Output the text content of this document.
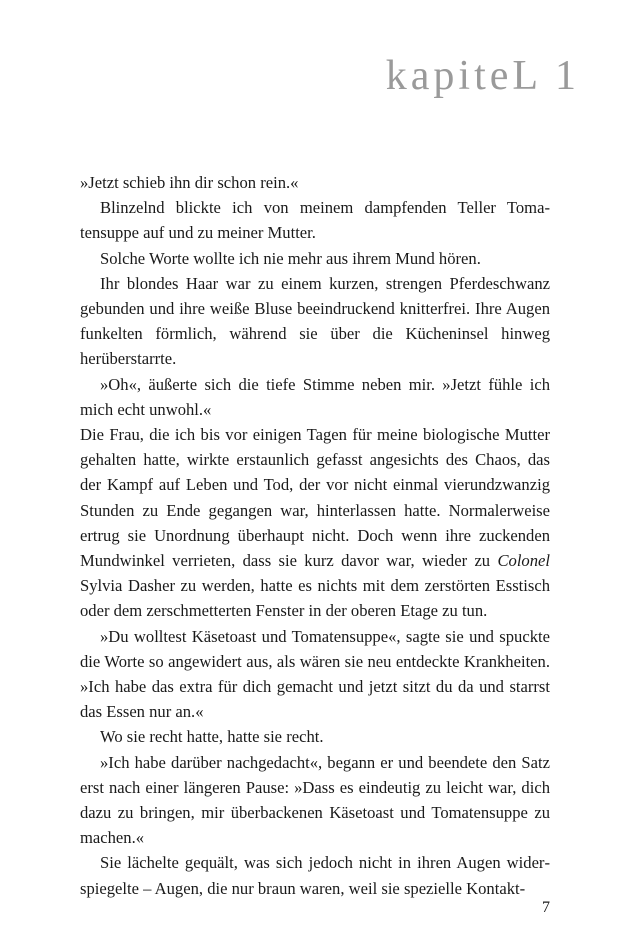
kapiteL 1

»Jetzt schieb ihn dir schon rein.«

Blinzelnd blickte ich von meinem dampfenden Teller Tomatensuppe auf und zu meiner Mutter.

Solche Worte wollte ich nie mehr aus ihrem Mund hören.

Ihr blondes Haar war zu einem kurzen, strengen Pferdeschwanz gebunden und ihre weiße Bluse beeindruckend knitterfrei. Ihre Augen funkelten förmlich, während sie über die Kücheninsel hinweg herüberstarrte.

»Oh«, äußerte sich die tiefe Stimme neben mir. »Jetzt fühle ich mich echt unwohl.«

Die Frau, die ich bis vor einigen Tagen für meine biologische Mutter gehalten hatte, wirkte erstaunlich gefasst angesichts des Chaos, das der Kampf auf Leben und Tod, der vor nicht einmal vierundzwanzig Stunden zu Ende gegangen war, hinterlassen hatte. Normalerweise ertrug sie Unordnung überhaupt nicht. Doch wenn ihre zuckenden Mundwinkel verrieten, dass sie kurz davor war, wieder zu Colonel Sylvia Dasher zu werden, hatte es nichts mit dem zerstörten Esstisch oder dem zerschmetterten Fenster in der oberen Etage zu tun.

»Du wolltest Käsetoast und Tomatensuppe«, sagte sie und spuckte die Worte so angewidert aus, als wären sie neu entdeckte Krankheiten. »Ich habe das extra für dich gemacht und jetzt sitzt du da und starrst das Essen nur an.«

Wo sie recht hatte, hatte sie recht.

»Ich habe darüber nachgedacht«, begann er und beendete den Satz erst nach einer längeren Pause: »Dass es eindeutig zu leicht war, dich dazu zu bringen, mir überbackenen Käsetoast und Tomatensuppe zu machen.«

Sie lächelte gequält, was sich jedoch nicht in ihren Augen widerspiegelte – Augen, die nur braun waren, weil sie spezielle Kontakt-

7
